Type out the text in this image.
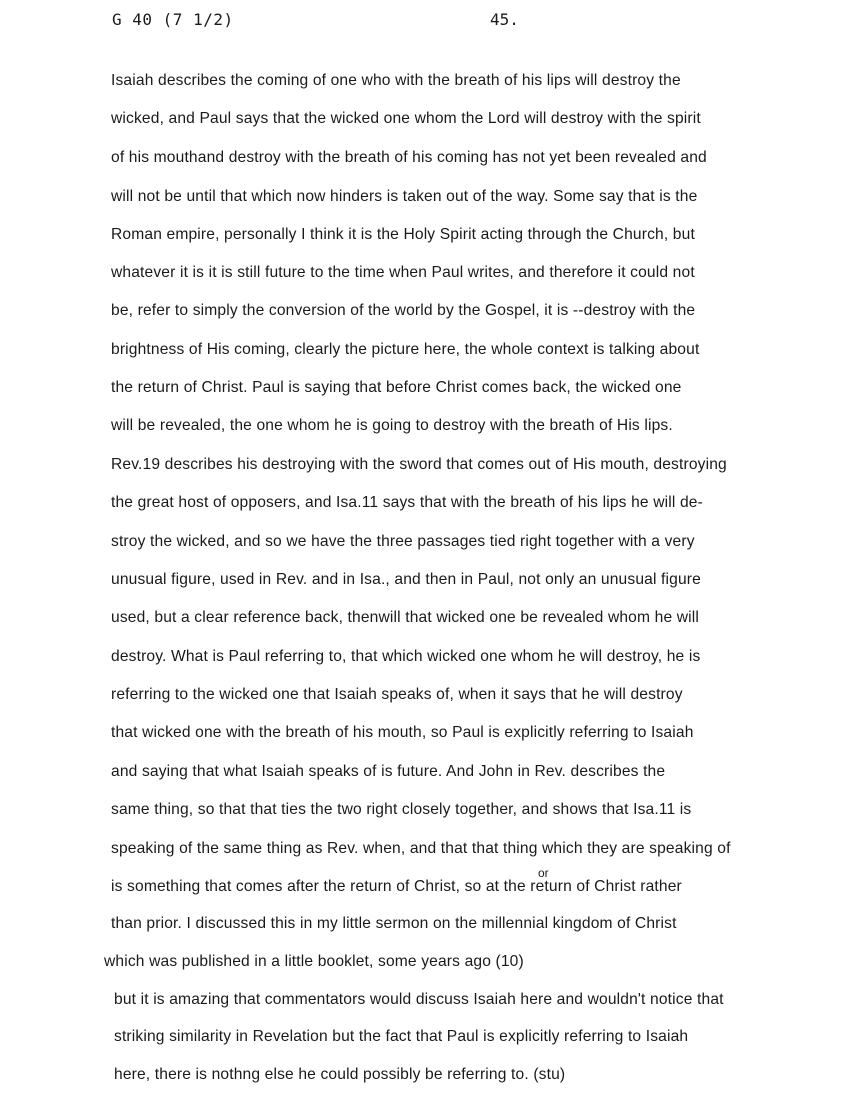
G 40 (7 1/2)	45.
Isaiah describes the coming of one who with the breath of his lips will destroy the
wicked, and Paul says that the wicked one whom the Lord will destroy with the spirit
of his mouthand destroy with the breath of his coming has not yet been revealed and
will not be until that which now hinders is taken out of the way. Some say that is the
Roman empire, personally I think it is the Holy Spirit acting through the Church, but
whatever it is it is still future to the time when Paul writes, and therefore it could not
be, refer to simply the conversion of the world by the Gospel, it is --destroy with the
brightness of His coming, clearly the picture here, the whole context is talking about
the return of Christ. Paul is saying that before Christ comes back, the wicked one
will be revealed, the one whom he is going to destroy with the breath of His lips.
Rev.19 describes his destroying with the sword that comes out of His mouth, destroying
the great host of opposers, and Isa.11 says that with the breath of his lips he will de-
stroy the wicked, and so we have the three passages tied right together with a very
unusual figure, used in Rev. and in Isa., and then in Paul, not only an unusual figure
used, but a clear reference back, thenwill that wicked one be revealed whom he will
destroy. What is Paul referring to, that which wicked one whom he will destroy, he is
referring to the wicked one that Isaiah speaks of, when it says that he will destroy
that wicked one with the breath of his mouth, so Paul is explicitly referring to Isaiah
and saying that what Isaiah speaks of is future. And John in Rev. describes the
same thing, so that that ties the two right closely together, and shows that Isa.11 is
speaking of the same thing as Rev. when, and that that thing which they are speaking of
or
is something that comes after the return of Christ, so at the return of Christ rather
than prior. I discussed this in my little sermon on the millennial kingdom of Christ
which was published in a little booklet, some years ago (10)
but it is amazing that commentators would discuss Isaiah here and wouldn't notice that
striking similarity in Revelation but the fact that Paul is explicitly referring to Isaiah
here, there is nothng else he could possibly be referring to. (stu)
